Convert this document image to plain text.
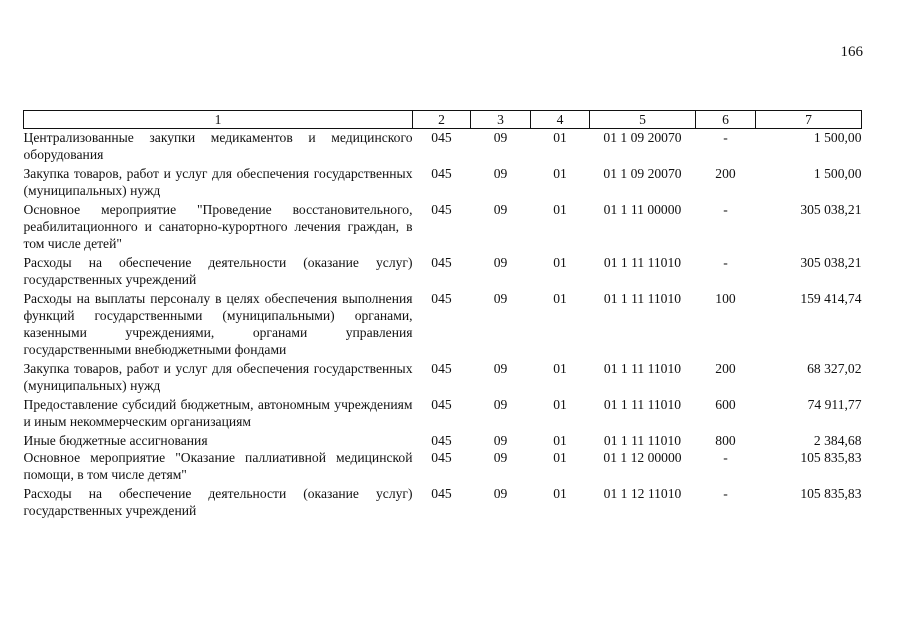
166
1	2	3	4	5	6	7
Централизованные закупки медикаментов и медицинского оборудования	045	09	01	01 1 09 20070	-	1 500,00
Закупка товаров, работ и услуг для обеспечения государственных (муниципальных) нужд	045	09	01	01 1 09 20070	200	1 500,00
Основное мероприятие "Проведение восстановительного, реабилитационного и санаторно-курортного лечения граждан, в том числе детей"	045	09	01	01 1 11 00000	-	305 038,21
Расходы на обеспечение деятельности (оказание услуг) государственных учреждений	045	09	01	01 1 11 11010	-	305 038,21
Расходы на выплаты персоналу в целях обеспечения выполнения функций государственными (муниципальными) органами, казенными учреждениями, органами управления государственными внебюджетными фондами	045	09	01	01 1 11 11010	100	159 414,74
Закупка товаров, работ и услуг для обеспечения государственных (муниципальных) нужд	045	09	01	01 1 11 11010	200	68 327,02
Предоставление субсидий бюджетным, автономным учреждениям и иным некоммерческим организациям	045	09	01	01 1 11 11010	600	74 911,77
Иные бюджетные ассигнования	045	09	01	01 1 11 11010	800	2 384,68
Основное мероприятие "Оказание паллиативной медицинской помощи, в том числе детям"	045	09	01	01 1 12 00000	-	105 835,83
Расходы на обеспечение деятельности (оказание услуг) государственных учреждений	045	09	01	01 1 12 11010	-	105 835,83
